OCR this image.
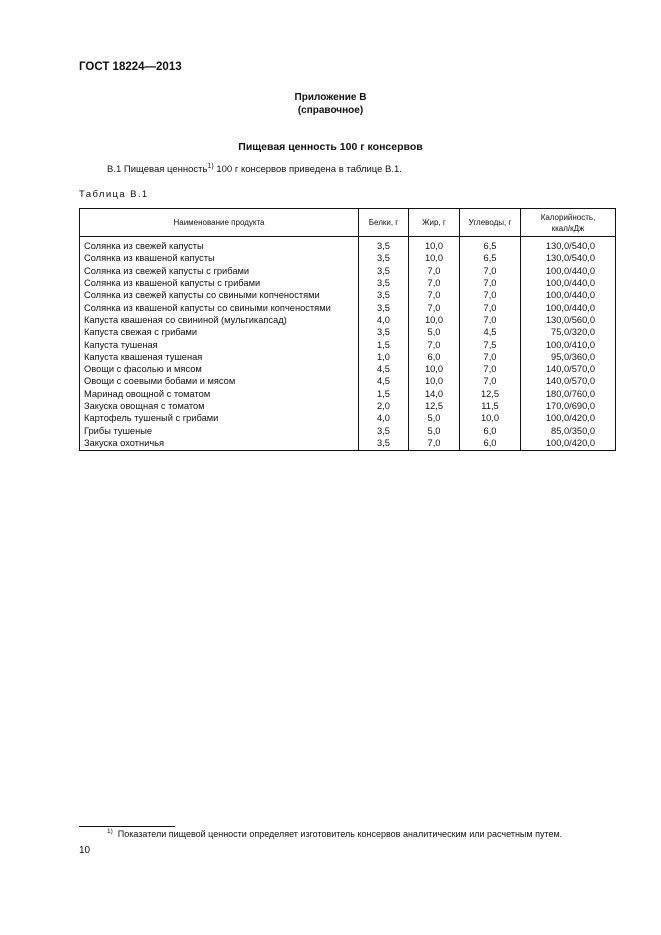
ГОСТ 18224—2013
Приложение В
(справочное)
Пищевая ценность 100 г консервов
В.1 Пищевая ценность$^{1)}$ 100 г консервов приведена в таблице В.1.
Таблица В.1
Наименование продукта	Белки, г	Жир, г	Углеводы, г	Калорийность,
ккал/кДж

Солянка из свежей капусты	3,5	10,0	6,5	130,0/540,0
Солянка из квашеной капусты	3,5	10,0	6,5	130,0/540,0
Солянка из свежей капусты с грибами	3,5	7,0	7,0	100,0/440,0
Солянка из квашеной капусты с грибами	3,5	7,0	7,0	100,0/440,0
Солянка из свежей капусты со свиными копченостями	3,5	7,0	7,0	100,0/440,0
Солянка из квашеной капусты со свиными копченостями	3,5	7,0	7,0	100,0/440,0
Капуста квашеная со свининой (мульгикапсад)	4,0	10,0	7,0	130,0/560,0
Капуста свежая с грибами	3,5	5,0	4,5	75,0/320,0
Капуста тушеная	1,5	7,0	7,5	100,0/410,0
Капуста квашеная тушеная	1,0	6,0	7,0	95,0/360,0
Овощи с фасолью и мясом	4,5	10,0	7,0	140,0/570,0
Овощи с соевыми бобами и мясом	4,5	10,0	7,0	140,0/570,0
Маринад овощной с томатом	1,5	14,0	12,5	180,0/760,0
Закуска овощная с томатом	2,0	12,5	11,5	170,0/690,0
Картофель тушеный с грибами	4,0	5,0	10,0	100,0/420,0
Грибы тушеные	3,5	5,0	6,0	85,0/350,0
Закуска охотничья	3,5	7,0	6,0	100,0/420,0
$^{1)}$  Показатели пищевой ценности определяет изготовитель консервов аналитическим или расчетным путем.
10
